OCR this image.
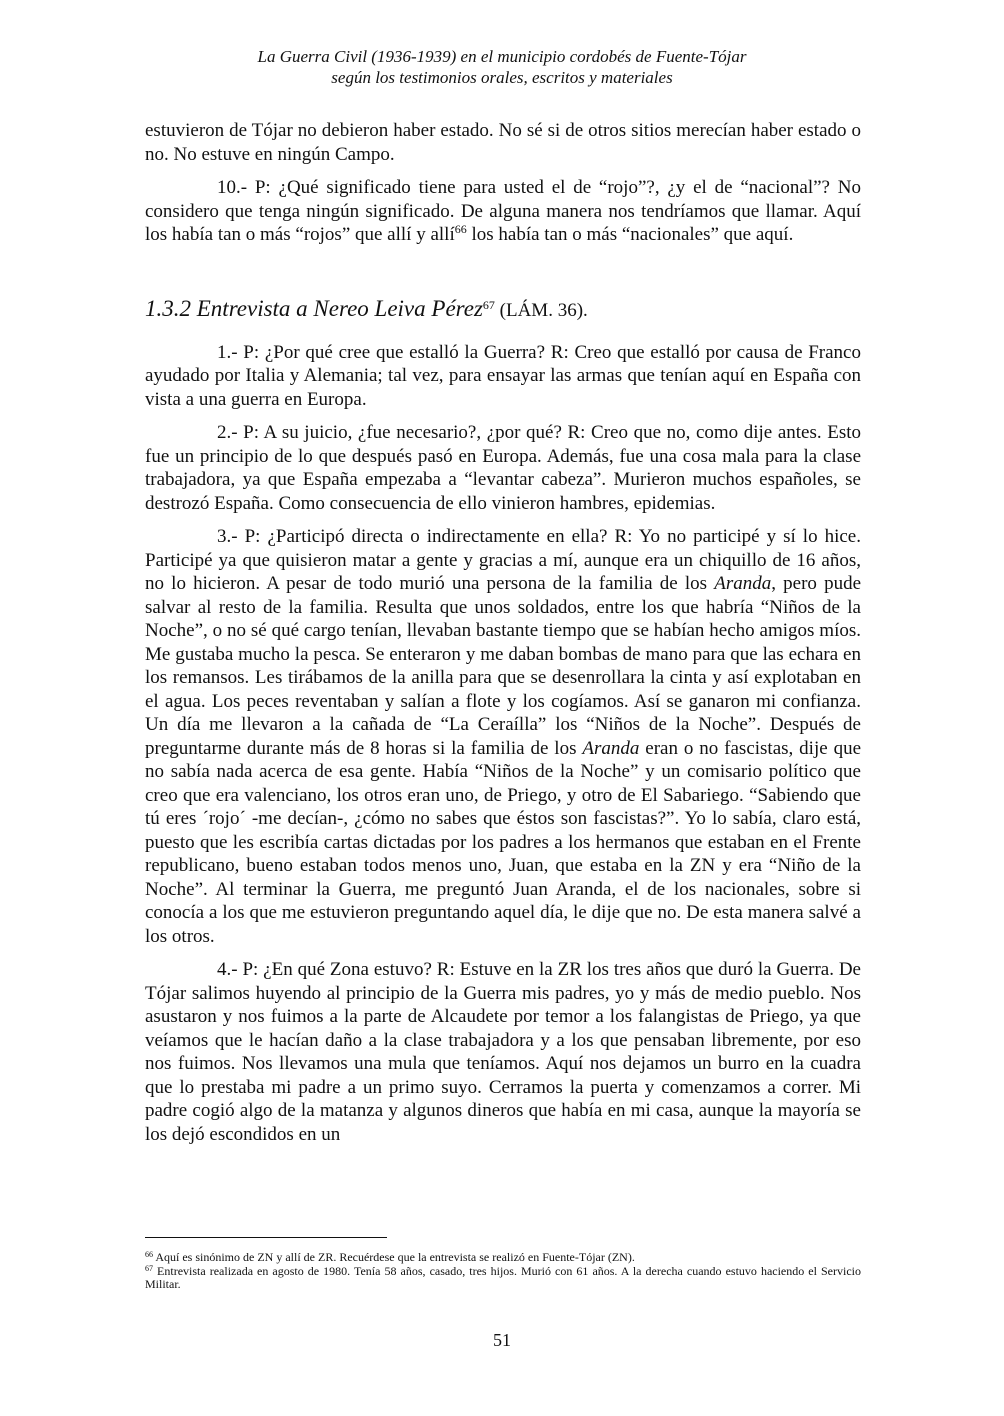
La Guerra Civil (1936-1939) en el municipio cordobés de Fuente-Tójar
según los testimonios orales, escritos y materiales

estuvieron de Tójar no debieron haber estado. No sé si de otros sitios merecían haber estado o no. No estuve en ningún Campo.

10.- P: ¿Qué significado tiene para usted el de “rojo”?, ¿y el de “nacional”? No considero que tenga ningún significado. De alguna manera nos tendríamos que llamar. Aquí los había tan o más “rojos” que allí y allí$^{66}$ los había tan o más “nacionales” que aquí.

1.3.2 Entrevista a Nereo Leiva Pérez$^{67}$ (LÁM. 36).

1.- P: ¿Por qué cree que estalló la Guerra? R: Creo que estalló por causa de Franco ayudado por Italia y Alemania; tal vez, para ensayar las armas que tenían aquí en España con vista a una guerra en Europa.

2.- P: A su juicio, ¿fue necesario?, ¿por qué? R: Creo que no, como dije antes. Esto fue un principio de lo que después pasó en Europa. Además, fue una cosa mala para la clase trabajadora, ya que España empezaba a “levantar cabeza”. Murieron muchos españoles, se destrozó España. Como consecuencia de ello vinieron hambres, epidemias.

3.- P: ¿Participó directa o indirectamente en ella? R: Yo no participé y sí lo hice. Participé ya que quisieron matar a gente y gracias a mí, aunque era un chiquillo de 16 años, no lo hicieron. A pesar de todo murió una persona de la familia de los Aranda, pero pude salvar al resto de la familia. Resulta que unos soldados, entre los que habría “Niños de la Noche”, o no sé qué cargo tenían, llevaban bastante tiempo que se habían hecho amigos míos. Me gustaba mucho la pesca. Se enteraron y me daban bombas de mano para que las echara en los remansos. Les tirábamos de la anilla para que se desenrollara la cinta y así explotaban en el agua. Los peces reventaban y salían a flote y los cogíamos. Así se ganaron mi confianza. Un día me llevaron a la cañada de “La Ceraílla” los “Niños de la Noche”. Después de preguntarme durante más de 8 horas si la familia de los Aranda eran o no fascistas, dije que no sabía nada acerca de esa gente. Había “Niños de la Noche” y un comisario político que creo que era valenciano, los otros eran uno, de Priego, y otro de El Sabariego. “Sabiendo que tú eres ´rojo´ -me decían-, ¿cómo no sabes que éstos son fascistas?”. Yo lo sabía, claro está, puesto que les escribía cartas dictadas por los padres a los hermanos que estaban en el Frente republicano, bueno estaban todos menos uno, Juan, que estaba en la ZN y era “Niño de la Noche”. Al terminar la Guerra, me preguntó Juan Aranda, el de los nacionales, sobre si conocía a los que me estuvieron preguntando aquel día, le dije que no. De esta manera salvé a los otros.

4.- P: ¿En qué Zona estuvo? R: Estuve en la ZR los tres años que duró la Guerra. De Tójar salimos huyendo al principio de la Guerra mis padres, yo y más de medio pueblo. Nos asustaron y nos fuimos a la parte de Alcaudete por temor a los falangistas de Priego, ya que veíamos que le hacían daño a la clase trabajadora y a los que pensaban libremente, por eso nos fuimos. Nos llevamos una mula que teníamos. Aquí nos dejamos un burro en la cuadra que lo prestaba mi padre a un primo suyo. Cerramos la puerta y comenzamos a correr. Mi padre cogió algo de la matanza y algunos dineros que había en mi casa, aunque la mayoría se los dejó escondidos en un

$^{66}$ Aquí es sinónimo de ZN y allí de ZR. Recuérdese que la entrevista se realizó en Fuente-Tójar (ZN).

$^{67}$ Entrevista realizada en agosto de 1980. Tenía 58 años, casado, tres hijos. Murió con 61 años. A la derecha cuando estuvo haciendo el Servicio Militar.

51
